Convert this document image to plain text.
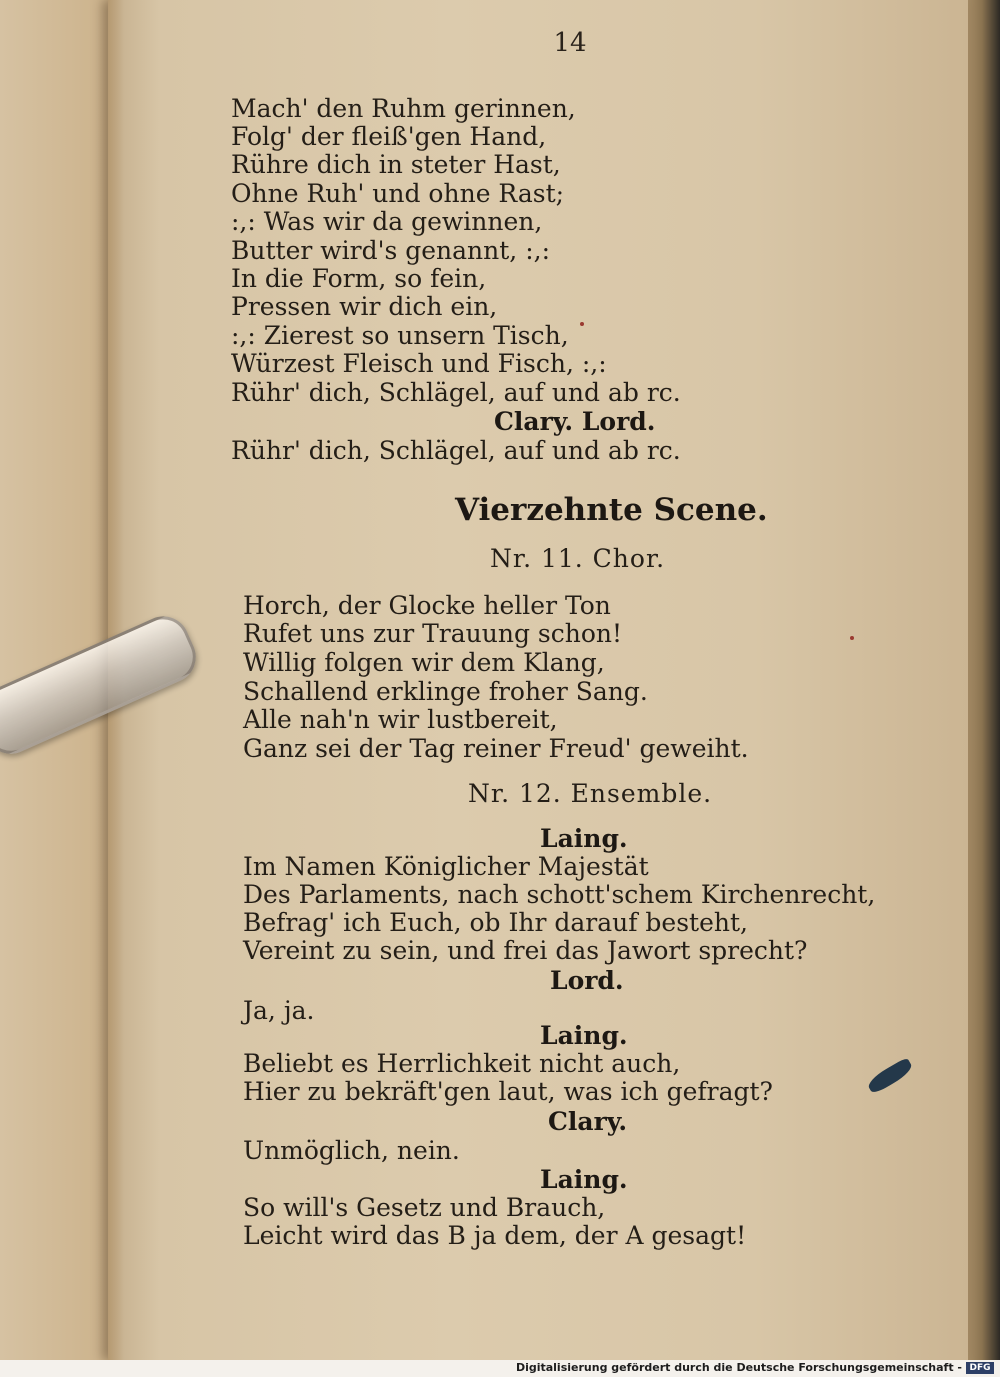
14
Mach' den Ruhm gerinnen,
Folg' der fleiß'gen Hand,
Rühre dich in steter Hast,
Ohne Ruh' und ohne Rast;
:,: Was wir da gewinnen,
Butter wird's genannt, :,:
In die Form, so fein,
Pressen wir dich ein,
:,: Zierest so unsern Tisch,
Würzest Fleisch und Fisch, :,:
Rühr' dich, Schlägel, auf und ab rc.
Clary. Lord.
Rühr' dich, Schlägel, auf und ab rc.
Vierzehnte Scene.
Nr. 11. Chor.
Horch, der Glocke heller Ton
Rufet uns zur Trauung schon!
Willig folgen wir dem Klang,
Schallend erklinge froher Sang.
Alle nah'n wir lustbereit,
Ganz sei der Tag reiner Freud' geweiht.
Nr. 12. Ensemble.
Laing.
Im Namen Königlicher Majestät
Des Parlaments, nach schott'schem Kirchenrecht,
Befrag' ich Euch, ob Ihr darauf besteht,
Vereint zu sein, und frei das Jawort sprecht?
Lord.
Ja, ja.
Laing.
Beliebt es Herrlichkeit nicht auch,
Hier zu bekräft'gen laut, was ich gefragt?
Clary.
Unmöglich, nein.
Laing.
So will's Gesetz und Brauch,
Leicht wird das B ja dem, der A gesagt!
Digitalisierung gefördert durch die Deutsche Forschungsgemeinschaft - DFG
